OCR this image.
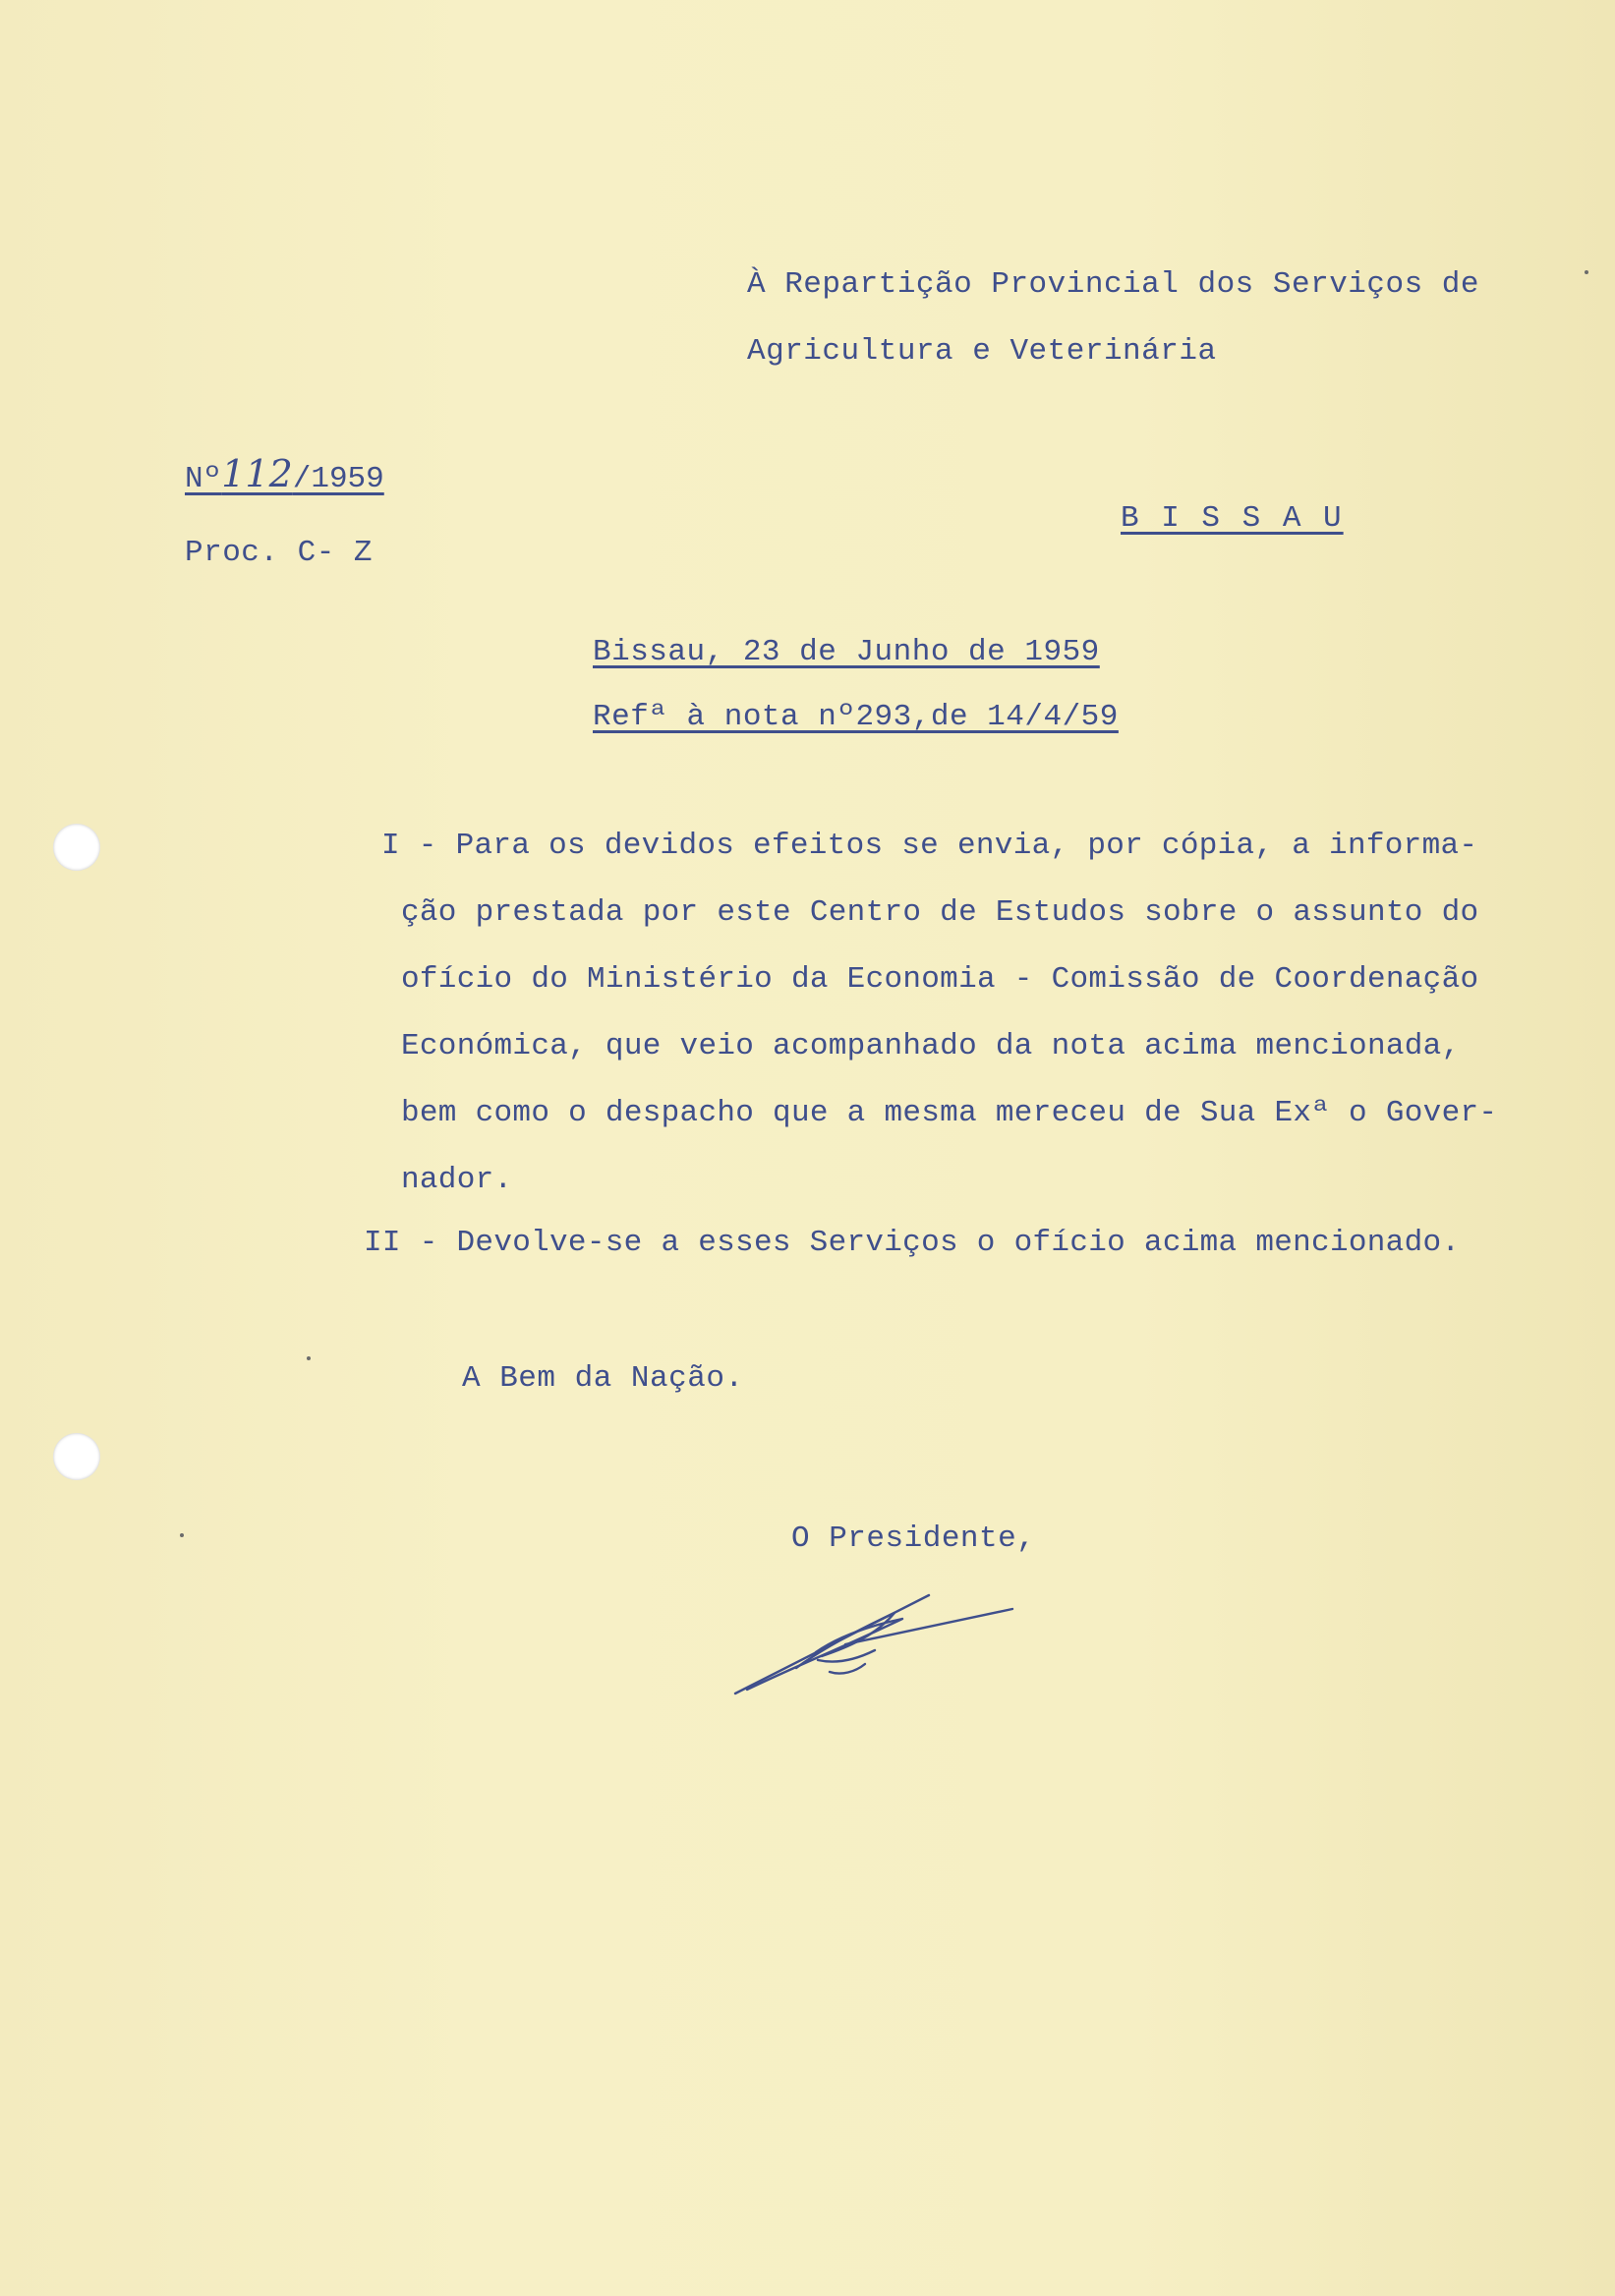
À Repartição Provincial dos Serviços de
Agricultura e Veterinária
Nº112/1959
Proc. C- Z
B I S S A U
Bissau, 23 de Junho de 1959
Refª à nota nº293,de 14/4/59
I - Para os devidos efeitos se envia, por cópia, a informa-
ção prestada por este Centro de Estudos sobre o assunto do
ofício do Ministério da Economia - Comissão de Coordenação
Económica, que veio acompanhado da nota acima mencionada,
bem como o despacho que a mesma mereceu de Sua Exª o Gover-
nador.
II - Devolve-se a esses Serviços o ofício acima mencionado.
A Bem da Nação.
O Presidente,
